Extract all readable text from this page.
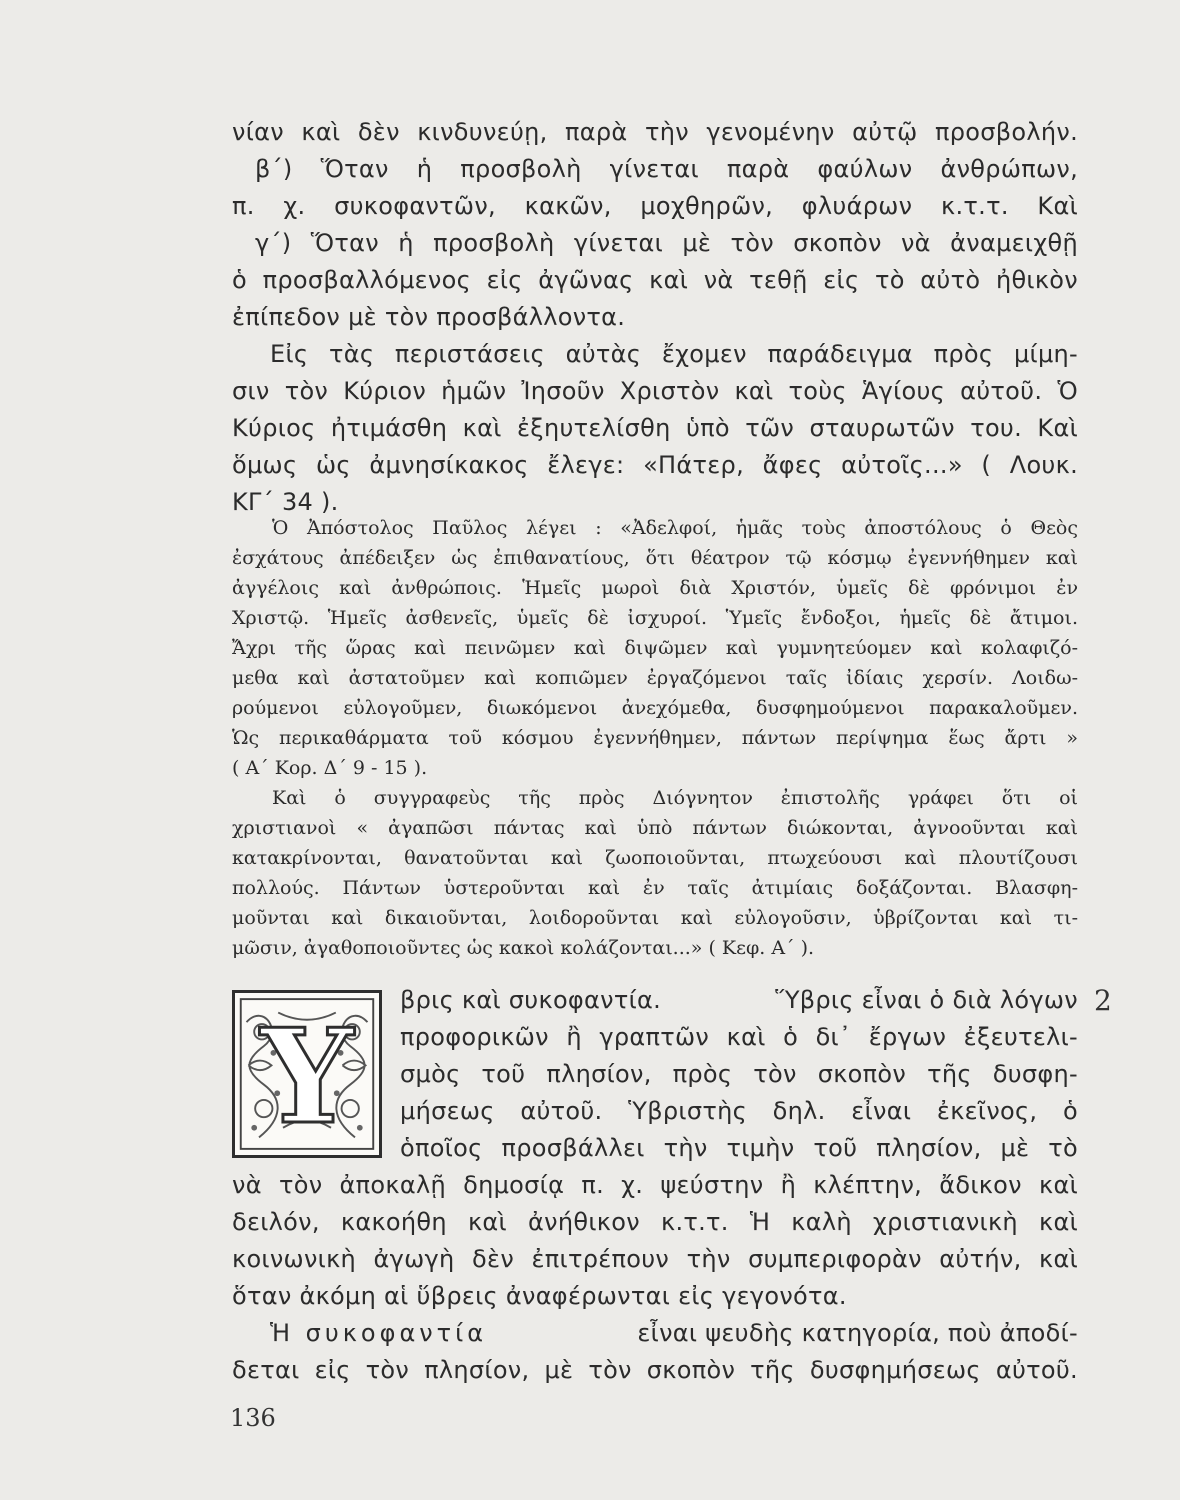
νίαν καὶ δὲν κινδυνεύῃ, παρὰ τὴν γενομένην αὐτῷ προσβολήν.

β΄) Ὅταν ἡ προσβολὴ γίνεται παρὰ φαύλων ἀνθρώπων,

π. χ. συκοφαντῶν, κακῶν, μοχθηρῶν, φλυάρων κ.τ.τ. Καὶ

γ΄) Ὅταν ἡ προσβολὴ γίνεται μὲ τὸν σκοπὸν νὰ ἀναμειχθῇ

ὁ προσβαλλόμενος εἰς ἀγῶνας καὶ νὰ τεθῇ εἰς τὸ αὐτὸ ἠθικὸν

ἐπίπεδον μὲ τὸν προσβάλλοντα.

Εἰς τὰς περιστάσεις αὐτὰς ἔχομεν παράδειγμα πρὸς μίμη-

σιν τὸν Κύριον ἡμῶν Ἰησοῦν Χριστὸν καὶ τοὺς Ἁγίους αὐτοῦ. Ὁ

Κύριος ἠτιμάσθη καὶ ἐξηυτελίσθη ὑπὸ τῶν σταυρωτῶν του. Καὶ

ὅμως ὡς ἀμνησίκακος ἔλεγε: «Πάτερ, ἄφες αὐτοῖς...» ( Λουκ.

ΚΓ΄ 34 ).

Ὁ Ἀπόστολος Παῦλος λέγει : «Ἀδελφοί, ἡμᾶς τοὺς ἀποστόλους ὁ Θεὸς

ἐσχάτους ἀπέδειξεν ὡς ἐπιθανατίους, ὅτι θέατρον τῷ κόσμῳ ἐγεννήθημεν καὶ

ἀγγέλοις καὶ ἀνθρώποις. Ἡμεῖς μωροὶ διὰ Χριστόν, ὑμεῖς δὲ φρόνιμοι ἐν

Χριστῷ. Ἡμεῖς ἀσθενεῖς, ὑμεῖς δὲ ἰσχυροί. Ὑμεῖς ἔνδοξοι, ἡμεῖς δὲ ἄτιμοι.

Ἄχρι τῆς ὥρας καὶ πεινῶμεν καὶ διψῶμεν καὶ γυμνητεύομεν καὶ κολαφιζό-

μεθα καὶ ἀστατοῦμεν καὶ κοπιῶμεν ἐργαζόμενοι ταῖς ἰδίαις χερσίν. Λοιδω-

ρούμενοι εὐλογοῦμεν, διωκόμενοι ἀνεχόμεθα, δυσφημούμενοι παρακαλοῦμεν.

Ὡς περικαθάρματα τοῦ κόσμου ἐγεννήθημεν, πάντων περίψημα ἕως ἄρτι »

( Α΄ Κορ. Δ΄ 9 - 15 ).

Καὶ ὁ συγγραφεὺς τῆς πρὸς Διόγνητον ἐπιστολῆς γράφει ὅτι οἱ

χριστιανοὶ « ἀγαπῶσι πάντας καὶ ὑπὸ πάντων διώκονται, ἀγνοοῦνται καὶ

κατακρίνονται, θανατοῦνται καὶ ζωοποιοῦνται, πτωχεύουσι καὶ πλουτίζουσι

πολλούς. Πάντων ὑστεροῦνται καὶ ἐν ταῖς ἀτιμίαις δοξάζονται. Βλασφη-

μοῦνται καὶ δικαιοῦνται, λοιδοροῦνται καὶ εὐλογοῦσιν, ὑβρίζονται καὶ τι-

μῶσιν, ἀγαθοποιοῦντες ὡς κακοὶ κολάζονται...» ( Κεφ. Α΄ ).

Υ	βρις καὶ συκοφαντία.	Ὕβρις εἶναι ὁ διὰ λόγων 2

προφορικῶν ἢ γραπτῶν καὶ ὁ δι᾽ ἔργων ἐξευτελι-

σμὸς τοῦ πλησίον, πρὸς τὸν σκοπὸν τῆς δυσφη-

μήσεως αὐτοῦ. Ὑβριστὴς δηλ. εἶναι ἐκεῖνος, ὁ

ὁποῖος προσβάλλει τὴν τιμὴν τοῦ πλησίον, μὲ τὸ

νὰ τὸν ἀποκαλῇ δημοσίᾳ π. χ. ψεύστην ἢ κλέπτην, ἄδικον καὶ

δειλόν, κακοήθη καὶ ἀνήθικον κ.τ.τ. Ἡ καλὴ χριστιανικὴ καὶ

κοινωνικὴ ἀγωγὴ δὲν ἐπιτρέπουν τὴν συμπεριφορὰν αὐτήν, καὶ

ὅταν ἀκόμη αἱ ὕβρεις ἀναφέρωνται εἰς γεγονότα.

Ἡ συκοφαντία	εἶναι ψευδὴς κατηγορία, ποὺ ἀποδί-

δεται εἰς τὸν πλησίον, μὲ τὸν σκοπὸν τῆς δυσφημήσεως αὐτοῦ.

136
